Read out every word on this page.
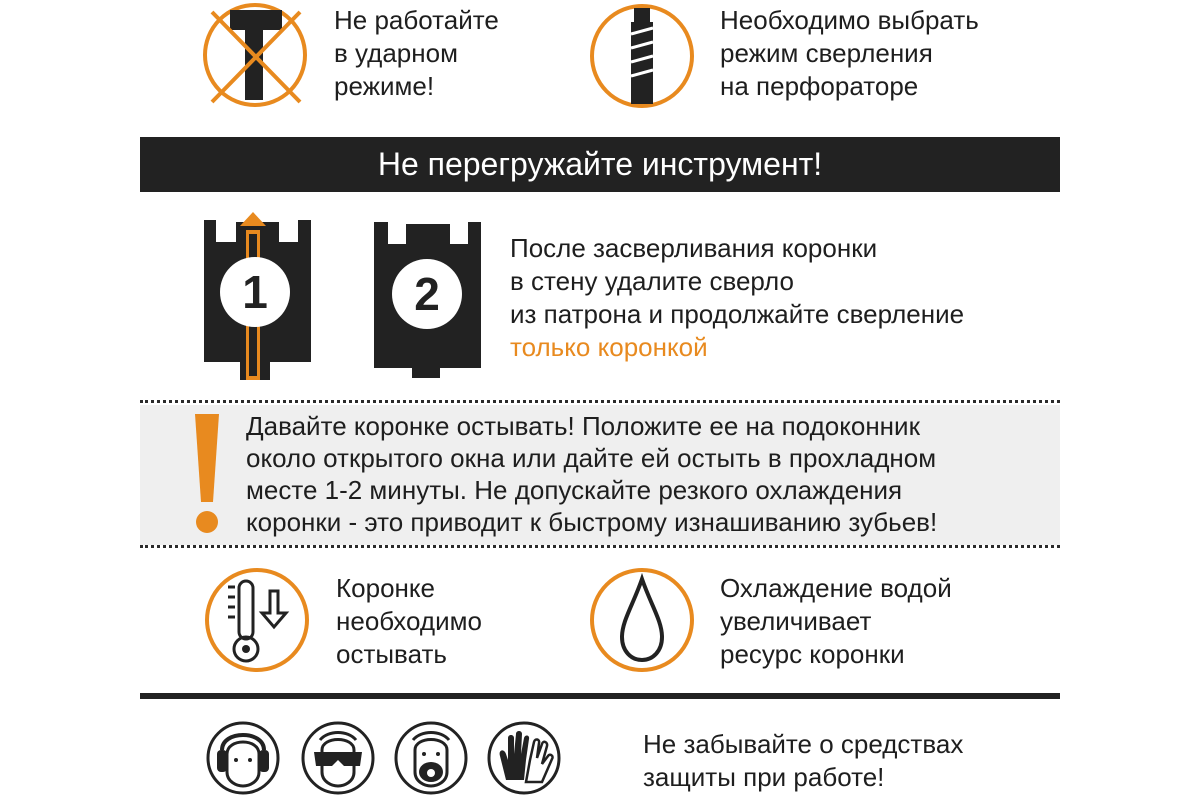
Не работайте
в ударном
режиме!
Необходимо выбрать
режим сверления
на перфораторе
Не перегружайте инструмент!
1	2
После засверливания коронки
в стену удалите сверло
из патрона и продолжайте сверление
только коронкой
Давайте коронке остывать! Положите ее на подоконник
около открытого окна или дайте ей остыть в прохладном
месте 1-2 минуты. Не допускайте резкого охлаждения
коронки - это приводит к быстрому изнашиванию зубьев!
Коронке
необходимо
остывать
Охлаждение водой
увеличивает
ресурс коронки
Не забывайте о средствах
защиты при работе!
